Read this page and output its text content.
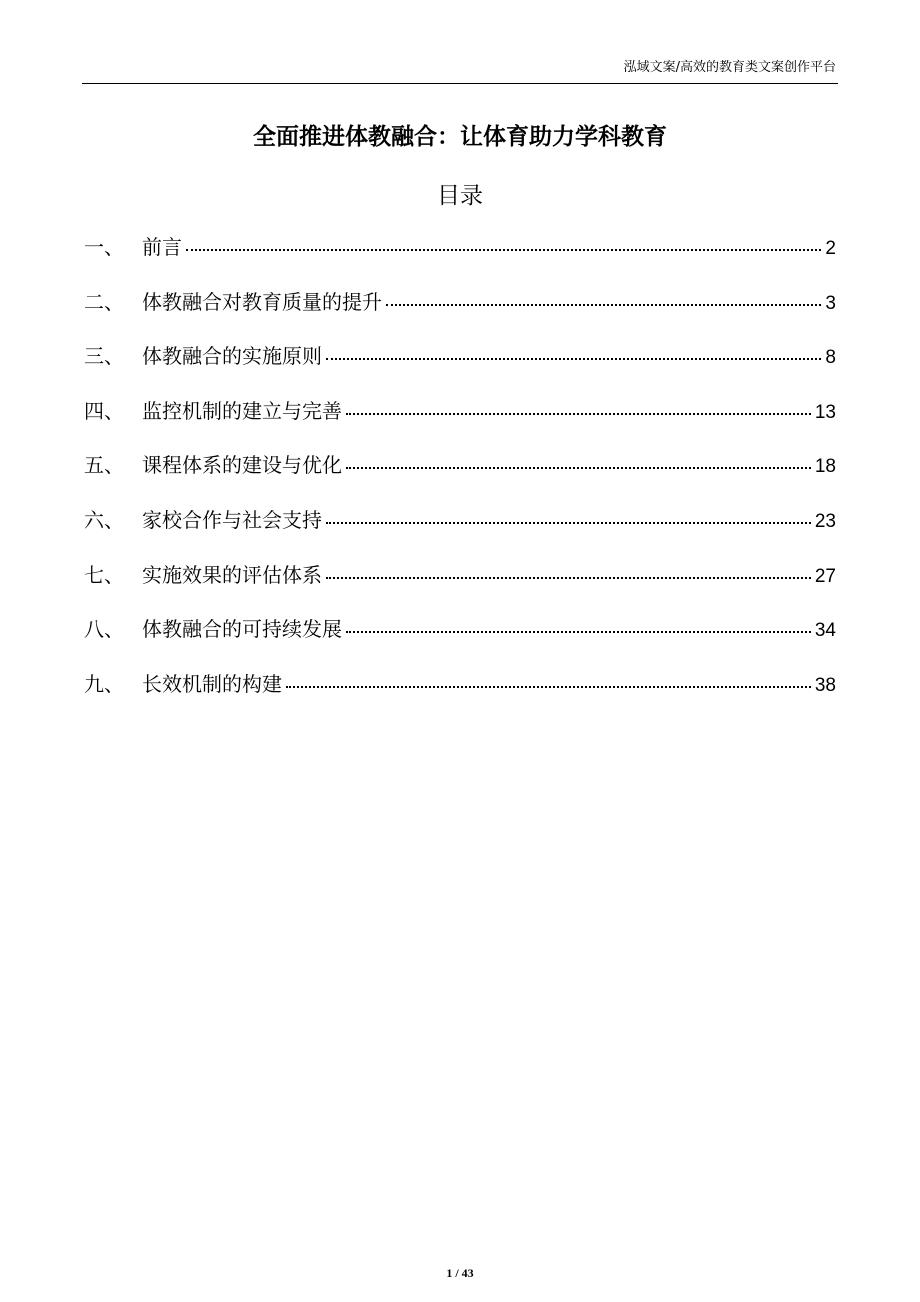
泓域文案/高效的教育类文案创作平台
全面推进体教融合：让体育助力学科教育
目录
一、 前言	2
二、 体教融合对教育质量的提升	3
三、 体教融合的实施原则	8
四、 监控机制的建立与完善	13
五、 课程体系的建设与优化	18
六、 家校合作与社会支持	23
七、 实施效果的评估体系	27
八、 体教融合的可持续发展	34
九、 长效机制的构建	38
1 / 43
